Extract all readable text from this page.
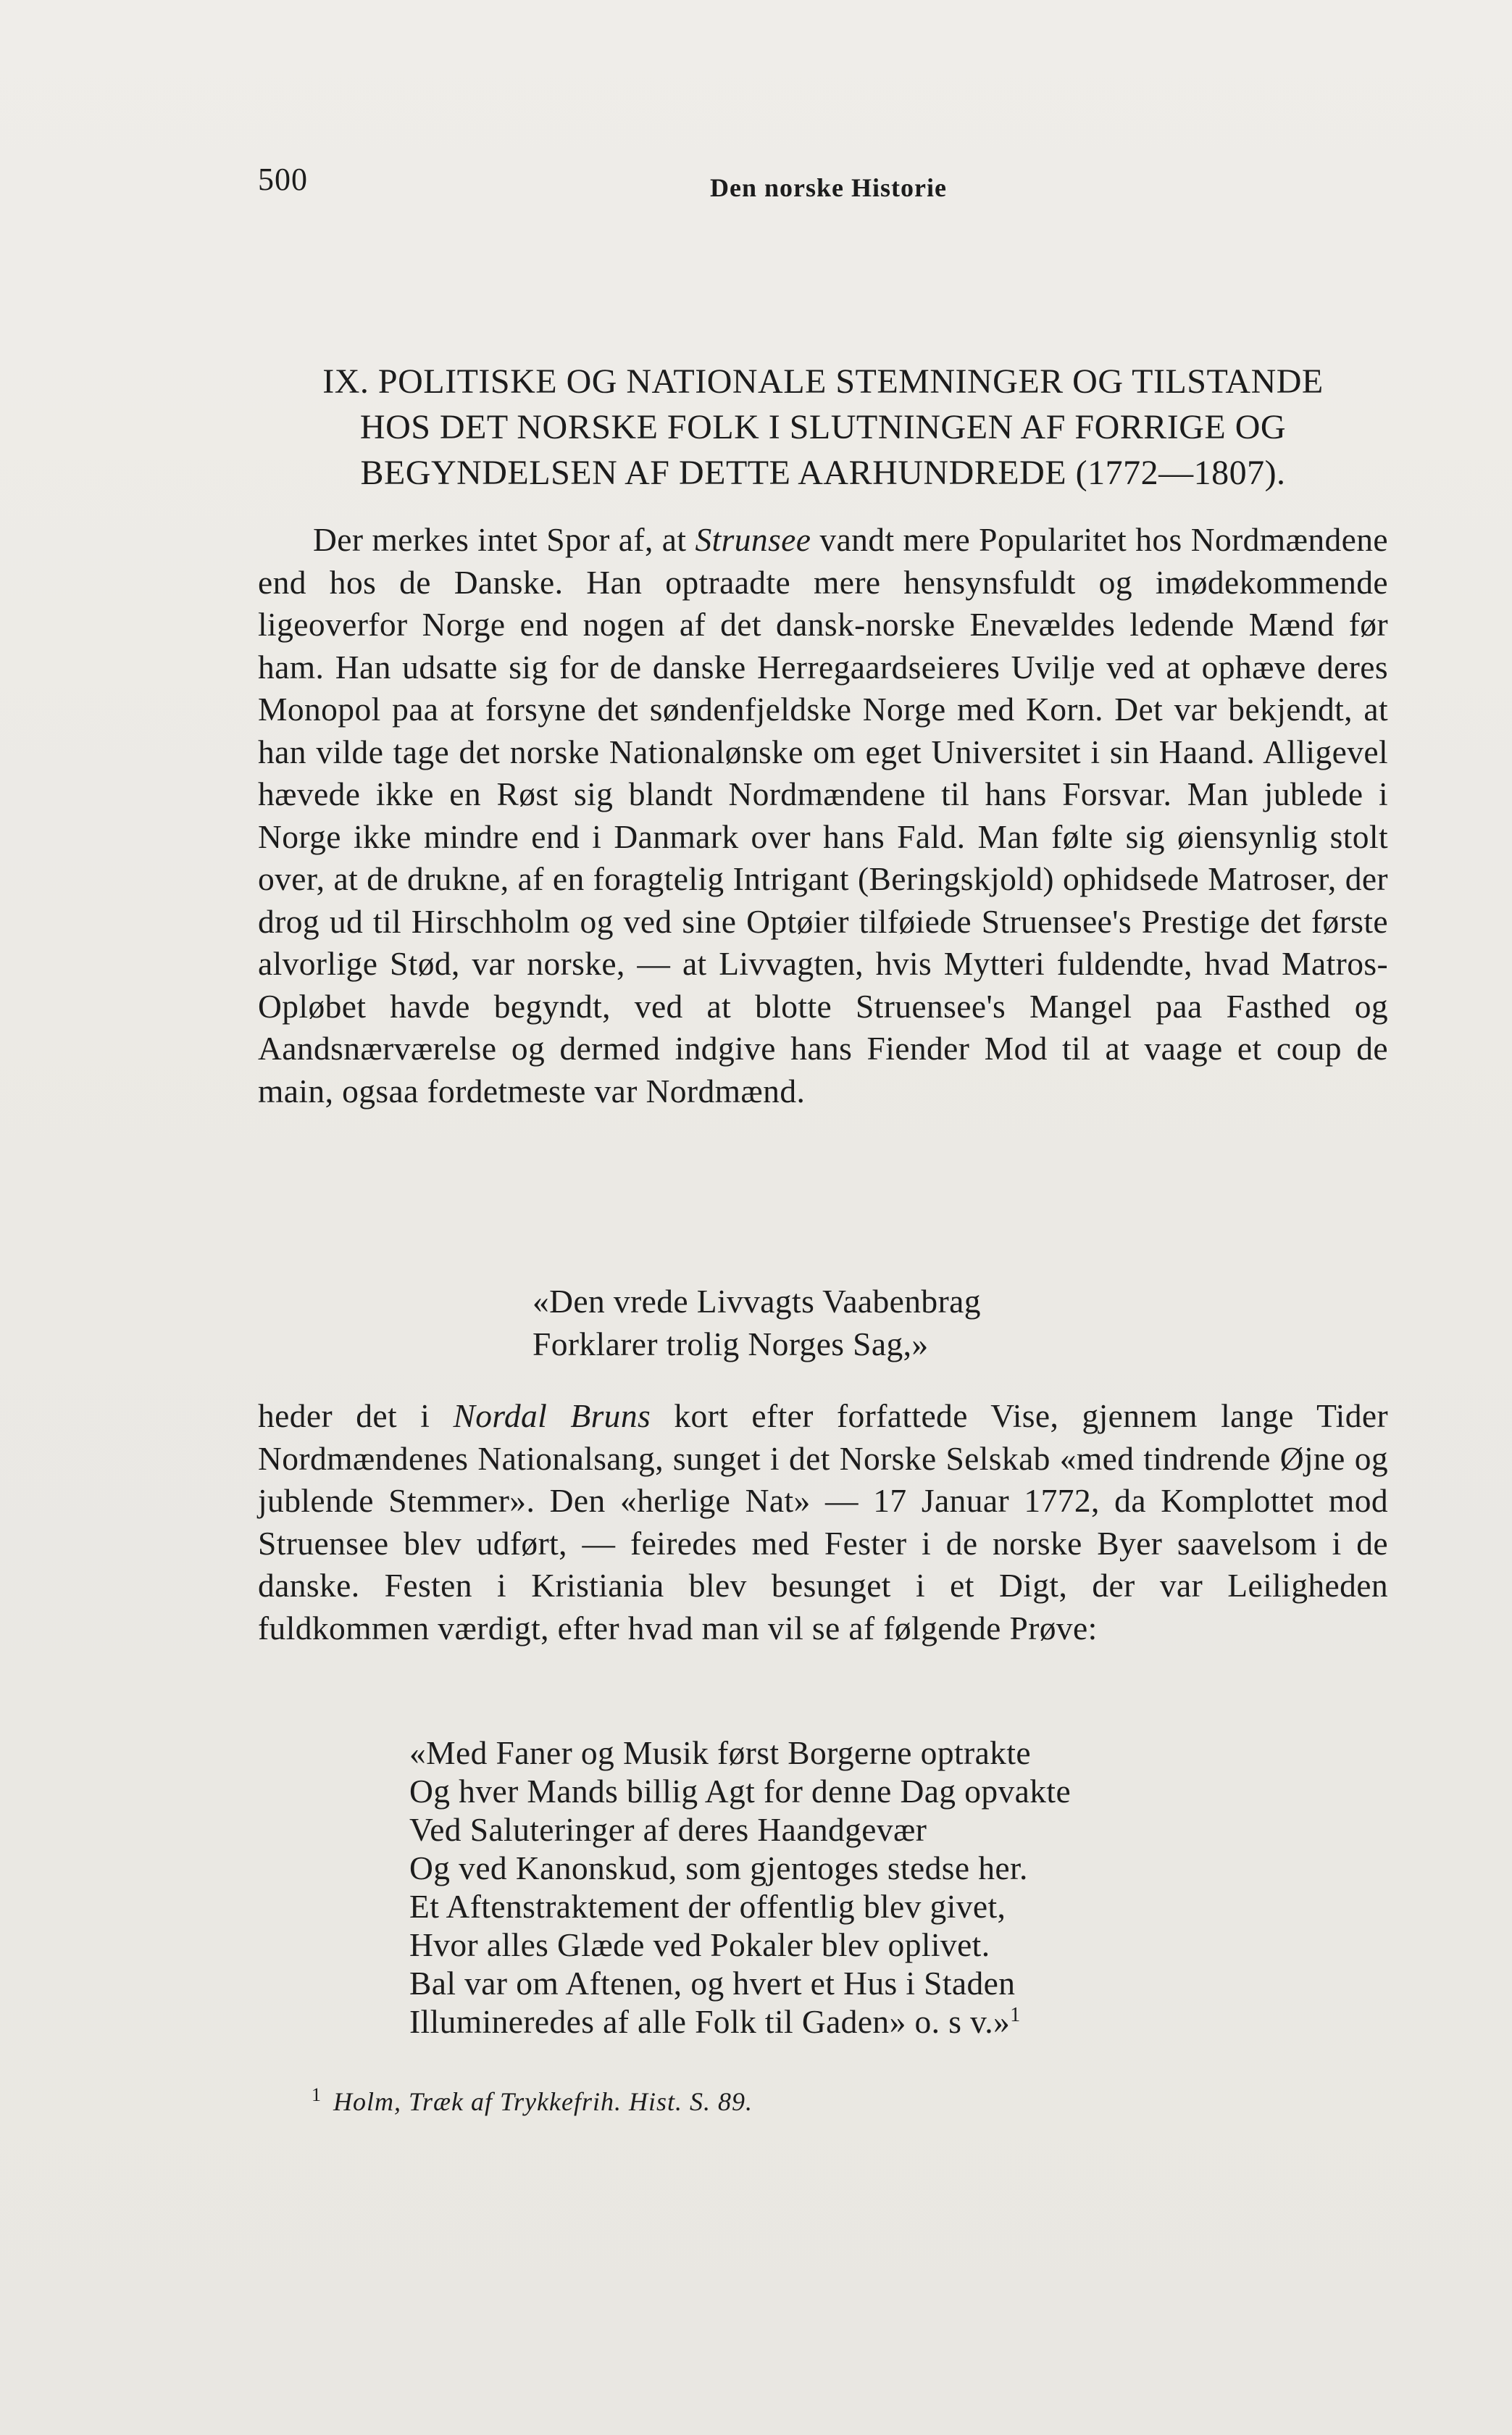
500	Den norske Historie
IX. POLITISKE OG NATIONALE STEMNINGER OG TILSTANDE
HOS DET NORSKE FOLK I SLUTNINGEN AF FORRIGE OG
BEGYNDELSEN AF DETTE AARHUNDREDE (1772—1807).
Der merkes intet Spor af, at Strunsee vandt mere Popularitet hos Nordmændene end hos de Danske. Han optraadte mere hensynsfuldt og imødekommende ligeoverfor Norge end nogen af det dansk-norske Enevældes ledende Mænd før ham. Han udsatte sig for de danske Herregaardseieres Uvilje ved at ophæve deres Monopol paa at forsyne det søndenfjeldske Norge med Korn. Det var bekjendt, at han vilde tage det norske Nationalønske om eget Universitet i sin Haand. Alligevel hævede ikke en Røst sig blandt Nordmændene til hans Forsvar. Man jublede i Norge ikke mindre end i Danmark over hans Fald. Man følte sig øiensynlig stolt over, at de drukne, af en foragtelig Intrigant (Beringskjold) ophidsede Matroser, der drog ud til Hirschholm og ved sine Optøier tilføiede Struensee's Prestige det første alvorlige Stød, var norske, — at Livvagten, hvis Mytteri fuldendte, hvad Matros-Opløbet havde begyndt, ved at blotte Struensee's Mangel paa Fasthed og Aandsnærværelse og dermed indgive hans Fiender Mod til at vaage et coup de main, ogsaa fordetmeste var Nordmænd.
«Den vrede Livvagts Vaabenbrag
Forklarer trolig Norges Sag,»
heder det i Nordal Bruns kort efter forfattede Vise, gjennem lange Tider Nordmændenes Nationalsang, sunget i det Norske Selskab «med tindrende Øjne og jublende Stemmer». Den «herlige Nat» — 17 Januar 1772, da Komplottet mod Struensee blev udført, — feiredes med Fester i de norske Byer saavelsom i de danske. Festen i Kristiania blev besunget i et Digt, der var Leiligheden fuldkommen værdigt, efter hvad man vil se af følgende Prøve:
«Med Faner og Musik først Borgerne optrakte
Og hver Mands billig Agt for denne Dag opvakte
Ved Saluteringer af deres Haandgevær
Og ved Kanonskud, som gjentoges stedse her.
Et Aftenstraktement der offentlig blev givet,
Hvor alles Glæde ved Pokaler blev oplivet.
Bal var om Aftenen, og hvert et Hus i Staden
Illumineredes af alle Folk til Gaden» o. s v.»$^1$
$^1$ Holm, Træk af Trykkefrih. Hist. S. 89.
